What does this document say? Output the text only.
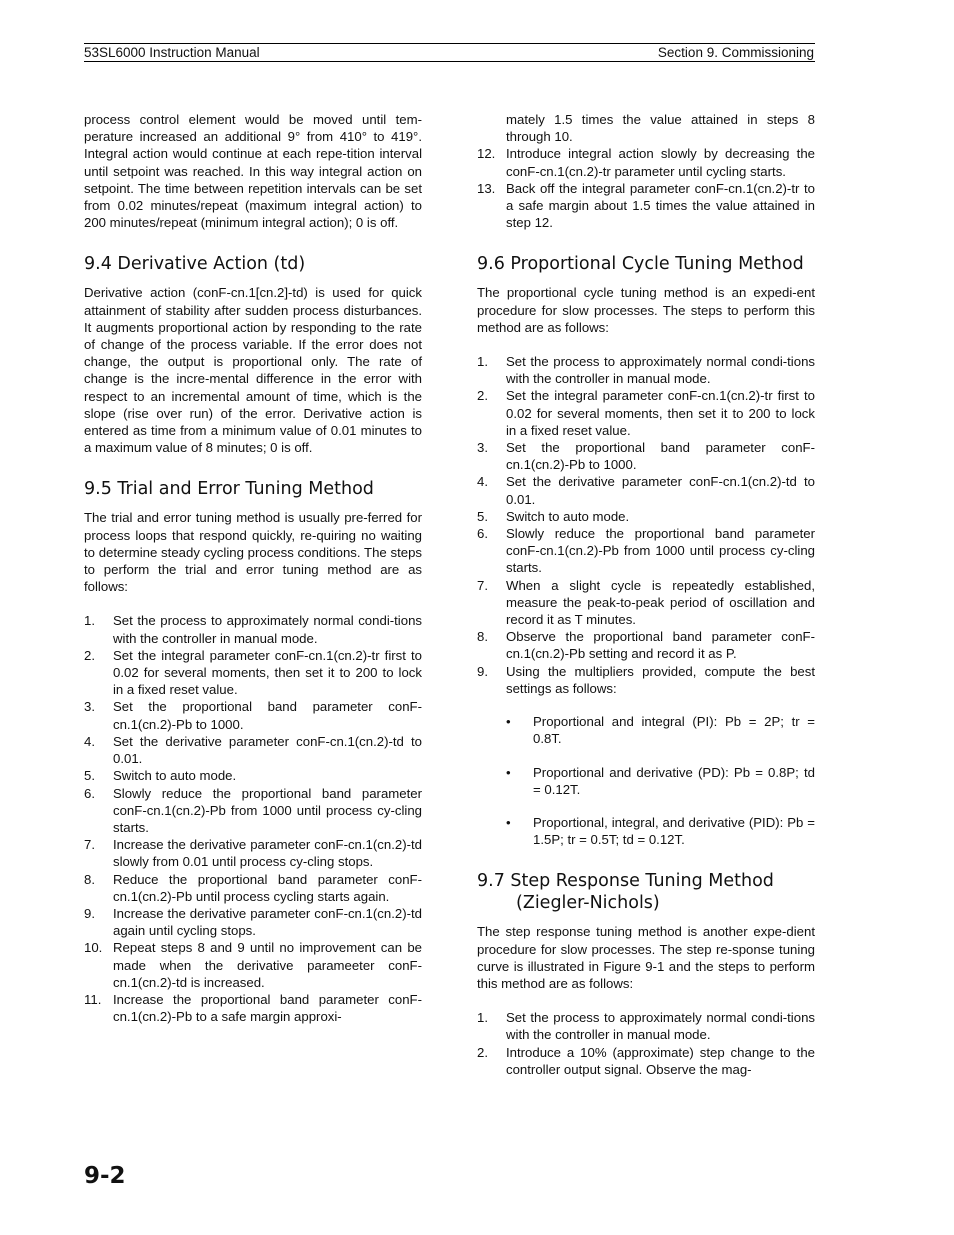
53SL6000 Instruction Manual	Section 9. Commissioning

process control element would be moved until tem-perature increased an additional 9° from 410° to 419°. Integral action would continue at each repe-tition interval until setpoint was reached. In this way integral action on setpoint. The time between repetition intervals can be set from 0.02 minutes/repeat (maximum integral action) to 200 minutes/repeat (minimum integral action); 0 is off.

9.4 Derivative Action (td)

Derivative action (conF-cn.1[cn.2]-td) is used for quick attainment of stability after sudden process disturbances. It augments proportional action by responding to the rate of change of the process variable. If the error does not change, the output is proportional only. The rate of change is the incre-mental difference in the error with respect to an incremental amount of time, which is the slope (rise over run) of the error. Derivative action is entered as time from a minimum value of 0.01 minutes to a maximum value of 8 minutes; 0 is off.

9.5 Trial and Error Tuning Method

The trial and error tuning method is usually pre-ferred for process loops that respond quickly, re-quiring no waiting to determine steady cycling process conditions. The steps to perform the trial and error tuning method are as follows:

1. Set the process to approximately normal condi-tions with the controller in manual mode.
2. Set the integral parameter conF-cn.1(cn.2)-tr first to 0.02 for several moments, then set it to 200 to lock in a fixed reset value.
3. Set the proportional band parameter conF-cn.1(cn.2)-Pb to 1000.
4. Set the derivative parameter conF-cn.1(cn.2)-td to 0.01.
5. Switch to auto mode.
6. Slowly reduce the proportional band parameter conF-cn.1(cn.2)-Pb from 1000 until process cy-cling starts.
7. Increase the derivative parameter conF-cn.1(cn.2)-td slowly from 0.01 until process cy-cling stops.
8. Reduce the proportional band parameter conF-cn.1(cn.2)-Pb until process cycling starts again.
9. Increase the derivative parameter conF-cn.1(cn.2)-td again until cycling stops.
10. Repeat steps 8 and 9 until no improvement can be made when the derivative parameeter conF-cn.1(cn.2)-td is increased.
11. Increase the proportional band parameter conF-cn.1(cn.2)-Pb to a safe margin approxi-
mately 1.5 times the value attained in steps 8 through 10.
12. Introduce integral action slowly by decreasing the conF-cn.1(cn.2)-tr parameter until cycling starts.
13. Back off the integral parameter conF-cn.1(cn.2)-tr to a safe margin about 1.5 times the value attained in step 12.
9.6 Proportional Cycle Tuning Method

The proportional cycle tuning method is an expedi-ent procedure for slow processes. The steps to perform this method are as follows:

1. Set the process to approximately normal condi-tions with the controller in manual mode.
2. Set the integral parameter conF-cn.1(cn.2)-tr first to 0.02 for several moments, then set it to 200 to lock in a fixed reset value.
3. Set the proportional band parameter conF-cn.1(cn.2)-Pb to 1000.
4. Set the derivative parameter conF-cn.1(cn.2)-td to 0.01.
5. Switch to auto mode.
6. Slowly reduce the proportional band parameter conF-cn.1(cn.2)-Pb from 1000 until process cy-cling starts.
7. When a slight cycle is repeatedly established, measure the peak-to-peak period of oscillation and record it as T minutes.
8. Observe the proportional band parameter conF-cn.1(cn.2)-Pb setting and record it as P.
9. Using the multipliers provided, compute the best settings as follows:
• Proportional and integral (PI): Pb = 2P; tr = 0.8T.
• Proportional and derivative (PD): Pb = 0.8P; td = 0.12T.
• Proportional, integral, and derivative (PID): Pb = 1.5P; tr = 0.5T; td = 0.12T.
9.7 Step Response Tuning Method (Ziegler-Nichols)

The step response tuning method is another expe-dient procedure for slow processes. The step re-sponse tuning curve is illustrated in Figure 9-1 and the steps to perform this method are as follows:

1. Set the process to approximately normal condi-tions with the controller in manual mode.
2. Introduce a 10% (approximate) step change to the controller output signal. Observe the mag-
9-2
